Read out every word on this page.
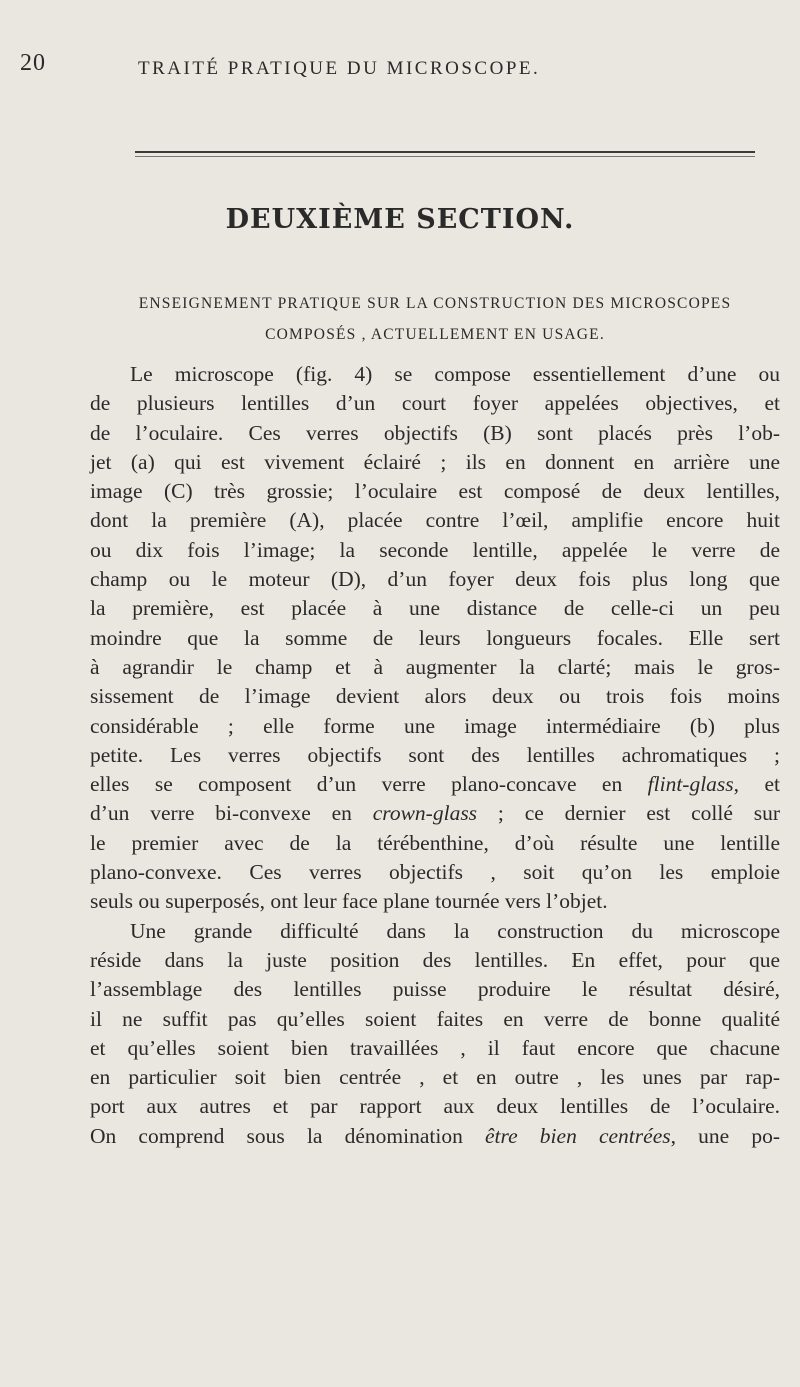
20	TRAITÉ PRATIQUE DU MICROSCOPE.
DEUXIÈME SECTION.
ENSEIGNEMENT PRATIQUE SUR LA CONSTRUCTION DES MICROSCOPES
COMPOSÉS , ACTUELLEMENT EN USAGE.
Le microscope (fig. 4) se compose essentiellement d’une ou
de plusieurs lentilles d’un court foyer appelées objectives, et
de l’oculaire. Ces verres objectifs (B) sont placés près l’ob-
jet (a) qui est vivement éclairé ; ils en donnent en arrière une
image (C) très grossie; l’oculaire est composé de deux lentilles,
dont la première (A), placée contre l’œil, amplifie encore huit
ou dix fois l’image; la seconde lentille, appelée le verre de
champ ou le moteur (D), d’un foyer deux fois plus long que
la première, est placée à une distance de celle-ci un peu
moindre que la somme de leurs longueurs focales. Elle sert
à agrandir le champ et à augmenter la clarté; mais le gros-
sissement de l’image devient alors deux ou trois fois moins
considérable ; elle forme une image intermédiaire (b) plus
petite. Les verres objectifs sont des lentilles achromatiques ;
elles se composent d’un verre plano-concave en flint-glass, et
d’un verre bi-convexe en crown-glass ; ce dernier est collé sur
le premier avec de la térébenthine, d’où résulte une lentille
plano-convexe. Ces verres objectifs , soit qu’on les emploie
seuls ou superposés, ont leur face plane tournée vers l’objet.
Une grande difficulté dans la construction du microscope
réside dans la juste position des lentilles. En effet, pour que
l’assemblage des lentilles puisse produire le résultat désiré,
il ne suffit pas qu’elles soient faites en verre de bonne qualité
et qu’elles soient bien travaillées , il faut encore que chacune
en particulier soit bien centrée , et en outre , les unes par rap-
port aux autres et par rapport aux deux lentilles de l’oculaire.
On comprend sous la dénomination être bien centrées, une po-
